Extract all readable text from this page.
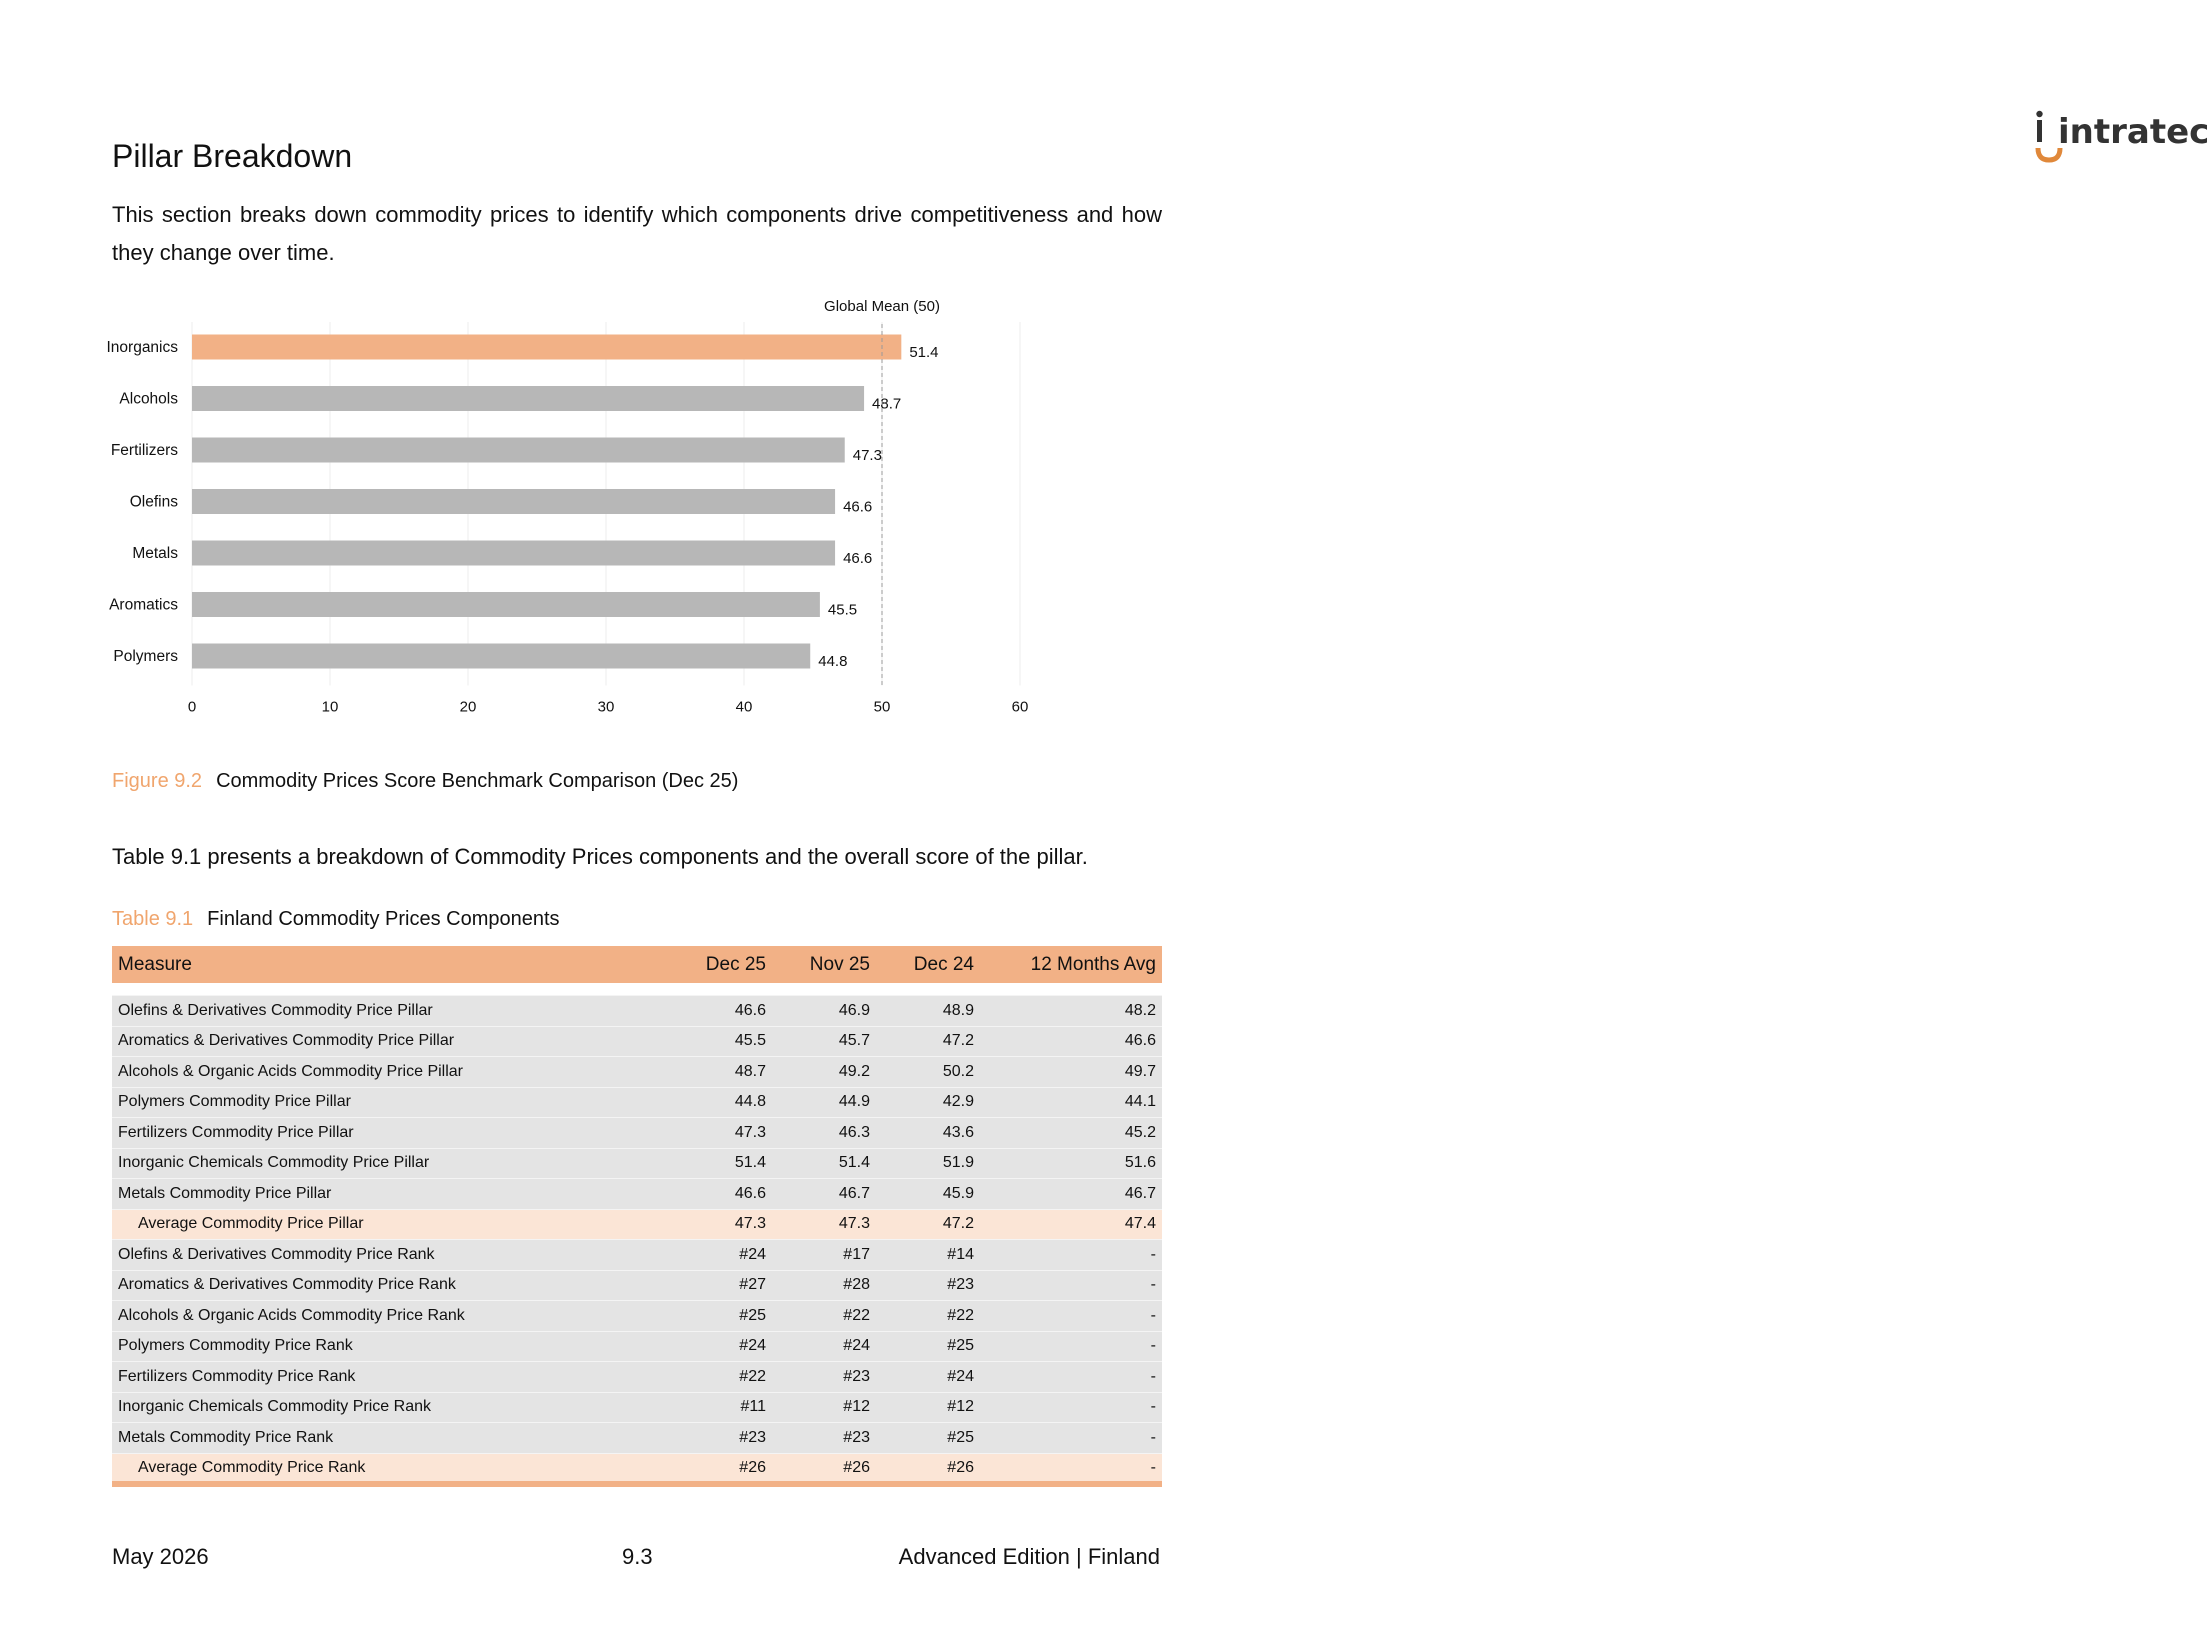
intratec
Pillar Breakdown

This section breaks down commodity prices to identify which components drive competitiveness and how they change over time.

0	10	20	30	40	50	60
Inorganics	51.4
Alcohols	48.7
Fertilizers	47.3
Olefins	46.6
Metals	46.6
Aromatics	45.5
Polymers	44.8
Global Mean (50)
Figure 9.2 Commodity Prices Score Benchmark Comparison (Dec 25)

Table 9.1 presents a breakdown of Commodity Prices components and the overall score of the pillar.

Table 9.1 Finland Commodity Prices Components
Measure	Dec 25	Nov 25	Dec 24	12 Months Avg

Olefins & Derivatives Commodity Price Pillar	46.6	46.9	48.9	48.2
Aromatics & Derivatives Commodity Price Pillar	45.5	45.7	47.2	46.6
Alcohols & Organic Acids Commodity Price Pillar	48.7	49.2	50.2	49.7
Polymers Commodity Price Pillar	44.8	44.9	42.9	44.1
Fertilizers Commodity Price Pillar	47.3	46.3	43.6	45.2
Inorganic Chemicals Commodity Price Pillar	51.4	51.4	51.9	51.6
Metals Commodity Price Pillar	46.6	46.7	45.9	46.7
Average Commodity Price Pillar	47.3	47.3	47.2	47.4
Olefins & Derivatives Commodity Price Rank	#24	#17	#14	-
Aromatics & Derivatives Commodity Price Rank	#27	#28	#23	-
Alcohols & Organic Acids Commodity Price Rank	#25	#22	#22	-
Polymers Commodity Price Rank	#24	#24	#25	-
Fertilizers Commodity Price Rank	#22	#23	#24	-
Inorganic Chemicals Commodity Price Rank	#11	#12	#12	-
Metals Commodity Price Rank	#23	#23	#25	-
Average Commodity Price Rank	#26	#26	#26	-
May 2026	9.3	Advanced Edition | Finland
